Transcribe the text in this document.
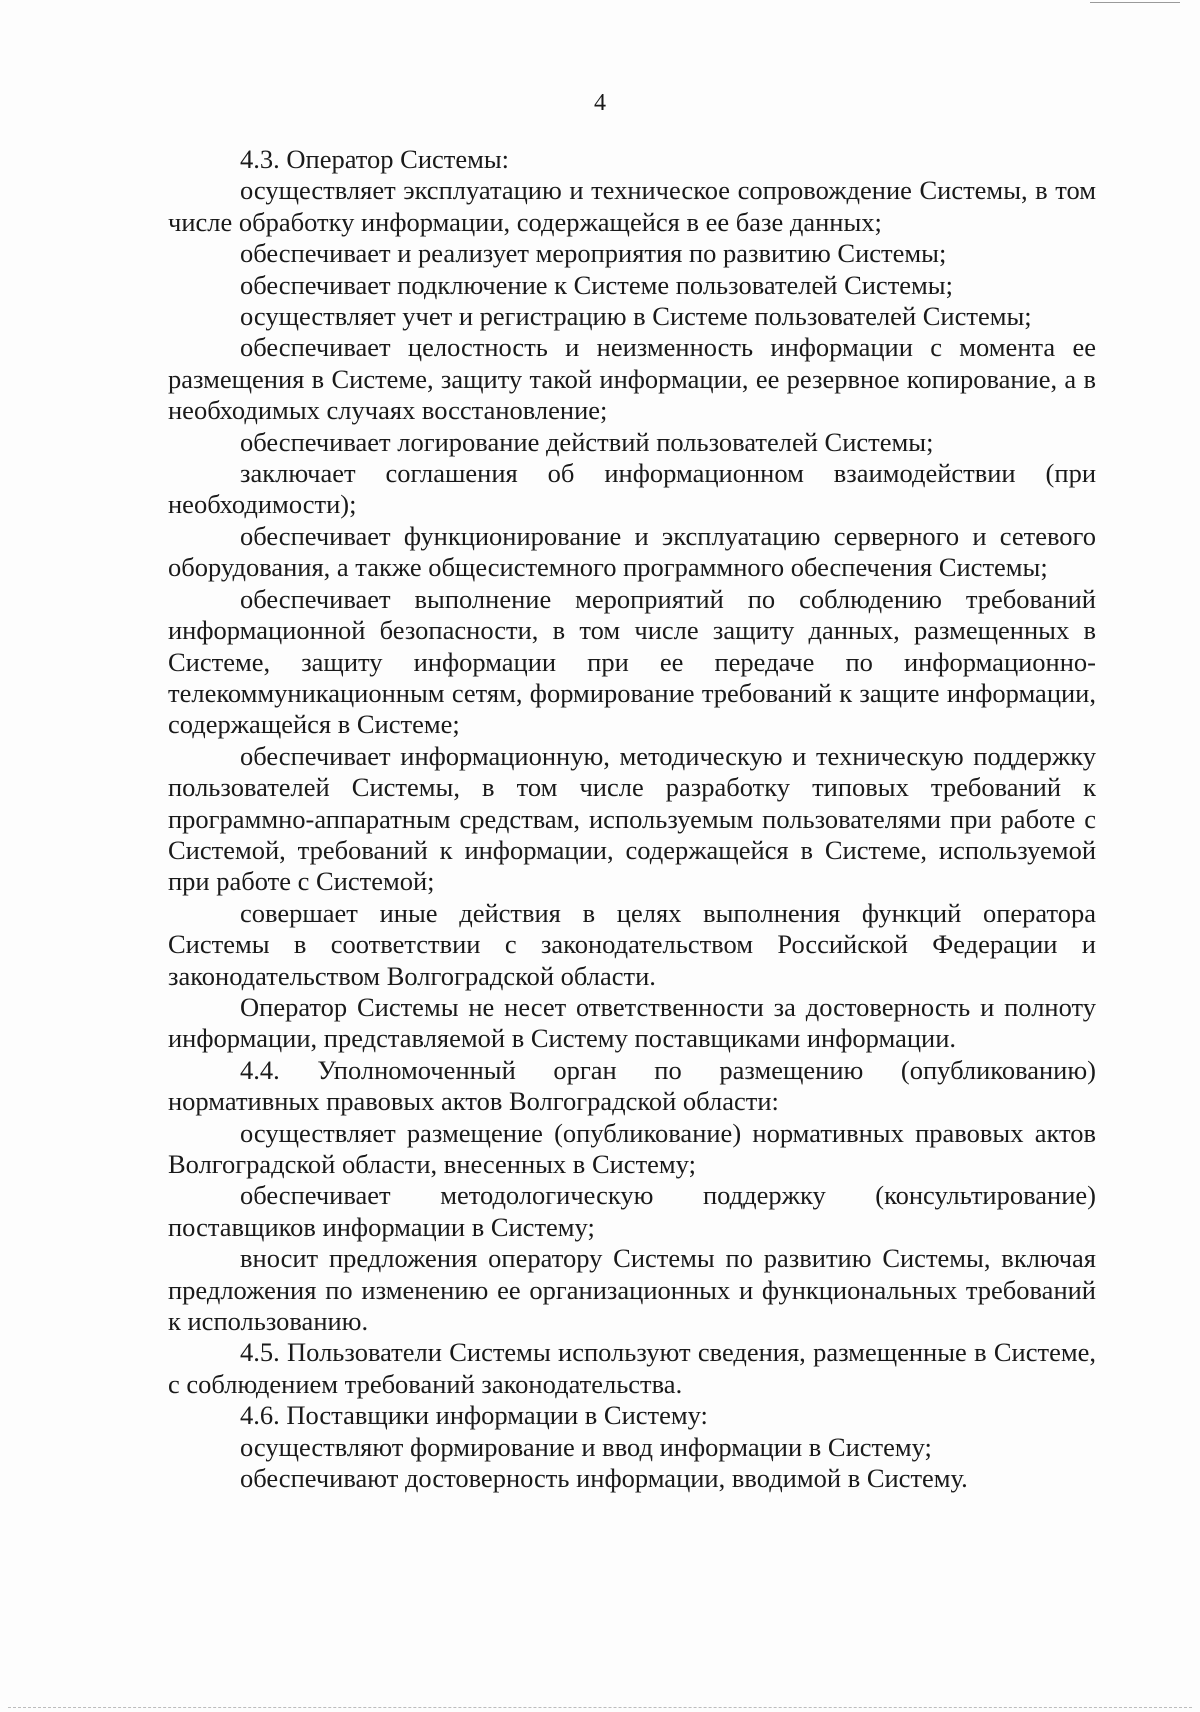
4

4.3. Оператор Системы:

осуществляет эксплуатацию и техническое сопровождение Системы, в том числе обработку информации, содержащейся в ее базе данных;

обеспечивает и реализует мероприятия по развитию Системы;

обеспечивает подключение к Системе пользователей Системы;

осуществляет учет и регистрацию в Системе пользователей Системы;

обеспечивает целостность и неизменность информации с момента ее размещения в Системе, защиту такой информации, ее резервное копирование, а в необходимых случаях восстановление;

обеспечивает логирование действий пользователей Системы;

заключает соглашения об информационном взаимодействии (при необходимости);

обеспечивает функционирование и эксплуатацию серверного и сетевого оборудования, а также общесистемного программного обеспечения Системы;

обеспечивает выполнение мероприятий по соблюдению требований информационной безопасности, в том числе защиту данных, размещенных в Системе, защиту информации при ее передаче по информационно-телекоммуникационным сетям, формирование требований к защите информации, содержащейся в Системе;

обеспечивает информационную, методическую и техническую поддержку пользователей Системы, в том числе разработку типовых требований к программно-аппаратным средствам, используемым пользователями при работе с Системой, требований к информации, содержащейся в Системе, используемой при работе с Системой;

совершает иные действия в целях выполнения функций оператора Системы в соответствии с законодательством Российской Федерации и законодательством Волгоградской области.

Оператор Системы не несет ответственности за достоверность и полноту информации, представляемой в Систему поставщиками информации.

4.4. Уполномоченный орган по размещению (опубликованию) нормативных правовых актов Волгоградской области:

осуществляет размещение (опубликование) нормативных правовых актов Волгоградской области, внесенных в Систему;

обеспечивает методологическую поддержку (консультирование) поставщиков информации в Систему;

вносит предложения оператору Системы по развитию Системы, включая предложения по изменению ее организационных и функциональных требований к использованию.

4.5. Пользователи Системы используют сведения, размещенные в Системе, с соблюдением требований законодательства.

4.6. Поставщики информации в Систему:

осуществляют формирование и ввод информации в Систему;

обеспечивают достоверность информации, вводимой в Систему.
